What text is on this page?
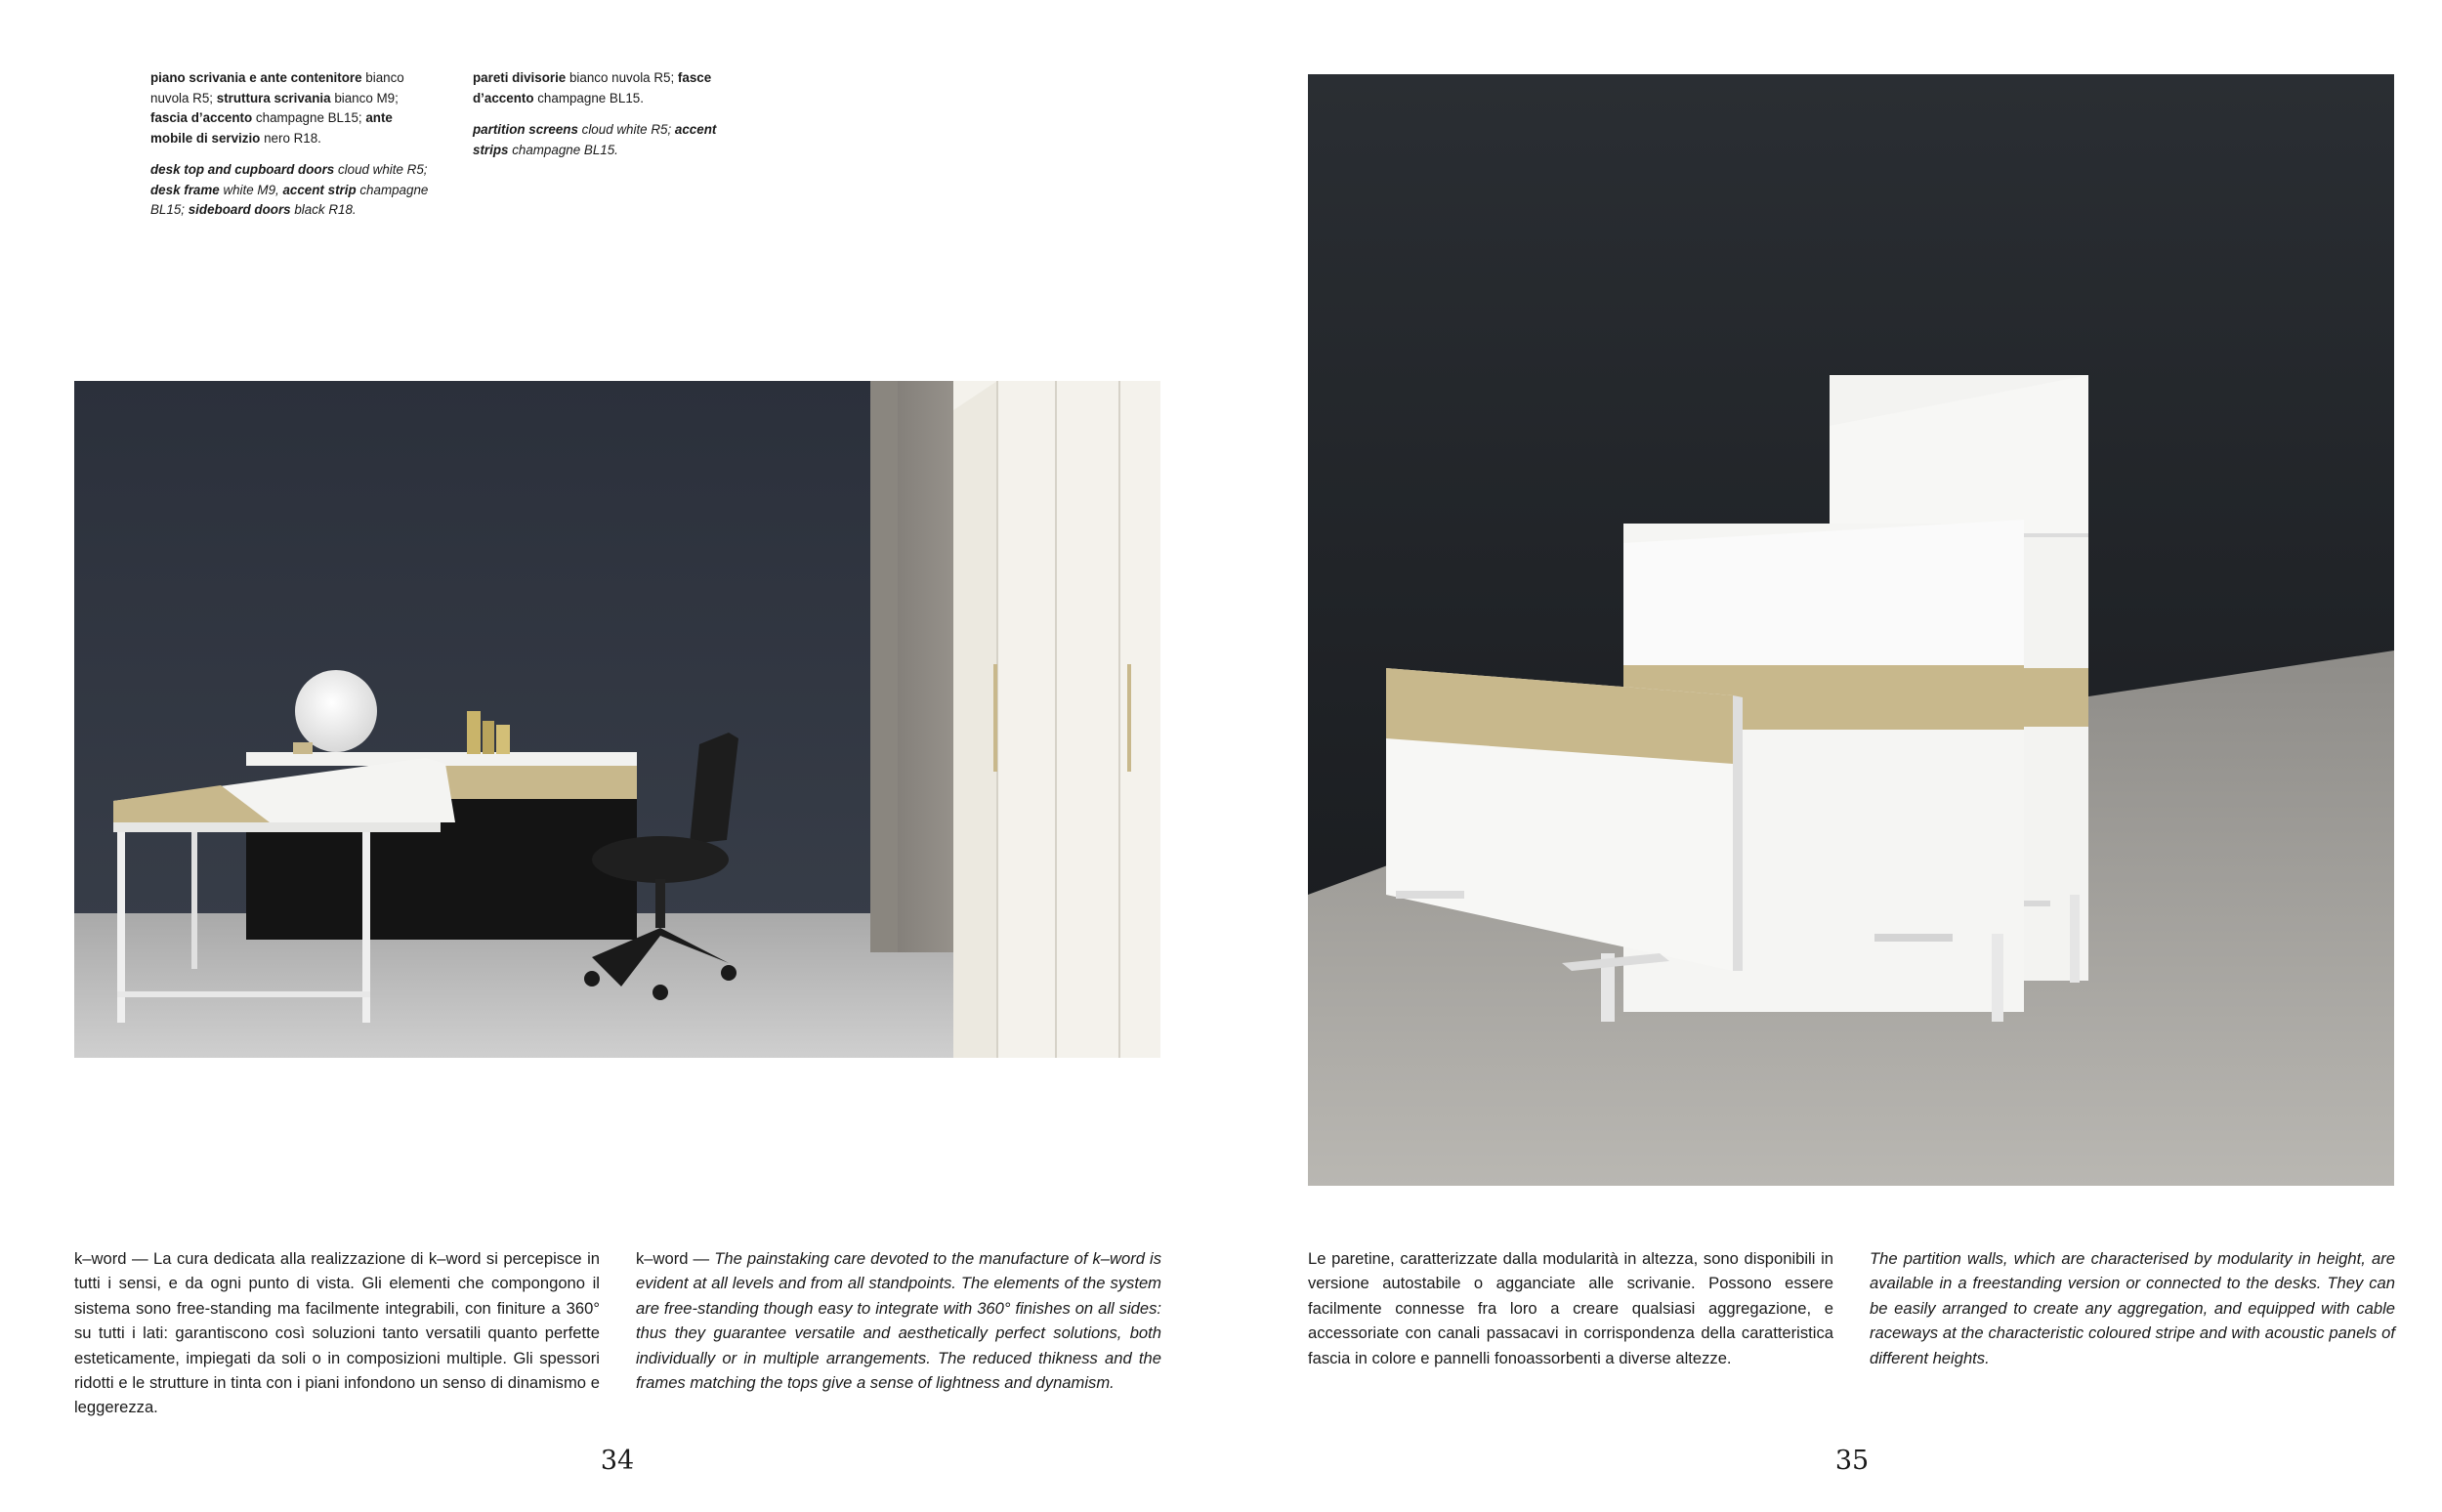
piano scrivania e ante contenitore bianco nuvola R5; struttura scrivania bianco M9; fascia d’accento champagne BL15; ante mobile di servizio nero R18.

desk top and cupboard doors cloud white R5; desk frame white M9, accent strip champagne BL15; sideboard doors black R18.

pareti divisorie bianco nuvola R5; fasce d’accento champagne BL15.

partition screens cloud white R5; accent strips champagne BL15.

k–word — La cura dedicata alla realizzazione di k–word si percepisce in tutti i sensi, e da ogni punto di vista. Gli elementi che compongono il sistema sono free-standing ma facilmente integrabili, con finiture a 360° su tutti i lati: garantiscono così soluzioni tanto versatili quanto perfette esteticamente, impiegati da soli o in composizioni multiple. Gli spessori ridotti e le strutture in tinta con i piani infondono un senso di dinamismo e leggerezza.
k–word — The painstaking care devoted to the manufacture of k–word is evident at all levels and from all standpoints. The elements of the system are free-standing though easy to integrate with 360° finishes on all sides: thus they guarantee versatile and aesthetically perfect solutions, both individually or in multiple arrangements. The reduced thikness and the frames matching the tops give a sense of lightness and dynamism.
Le paretine, caratterizzate dalla modularità in altezza, sono disponibili in versione autostabile o agganciate alle scrivanie. Possono essere facilmente connesse fra loro a creare qualsiasi aggregazione, e accessoriate con canali passacavi in corrispondenza della caratteristica fascia in colore e pannelli fonoassorbenti a diverse altezze.
The partition walls, which are characterised by modularity in height, are available in a freestanding version or connected to the desks. They can be easily arranged to create any aggregation, and equipped with cable raceways at the characteristic coloured stripe and with acoustic panels of different heights.
34	35
